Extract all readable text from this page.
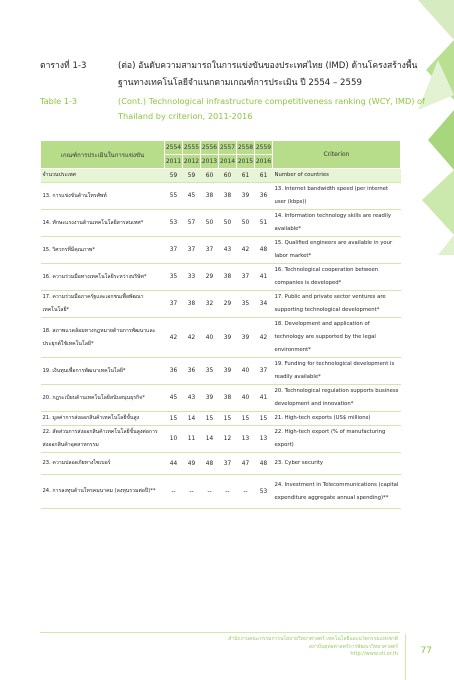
ตารางที่ 1-3	(ต่อ) อันดับความสามารถในการแข่งขันของประเทศไทย (IMD) ด้านโครงสร้างพื้นฐานทางเทคโนโลยีจำแนกตามเกณฑ์การประเมิน ปี 2554 – 2559
Table 1-3	(Cont.) Technological infrastructure competitiveness ranking (WCY, IMD) of Thailand by criterion, 2011-2016
เกณฑ์การประเมินในการแข่งขัน	2554	2555	2556	2557	2558	2559	Criterion
	2011	2012	2013	2014	2015	2016	
จำนวนประเทศ	59	59	60	60	61	61	Number of countries
13. การแข่งขันด้านโทรศัพท์	55	45	38	38	39	36	13. Internet bandwidth speed (per internet user (kbps))
14. ทักษะแรงงานด้านเทคโนโลยีสารสนเทศ*	53	57	50	50	50	51	14. Information technology skills are readily available*
15. วิศวกรที่มีคุณภาพ*	37	37	37	43	42	48	15. Qualified engineers are available in your labor market*
16. ความร่วมมือทางเทคโนโลยีระหว่างบริษัท*	35	33	29	38	37	41	16. Technological cooperation between companies is developed*
17. ความร่วมมือภาครัฐและเอกชนเพื่อพัฒนาเทคโนโลยี*	37	38	32	29	35	34	17. Public and private sector ventures are supporting technological development*
18. สภาพแวดล้อมทางกฎหมายด้านการพัฒนาและประยุกต์ใช้เทคโนโลยี*	42	42	40	39	39	42	18. Development and application of technology are supported by the legal environment*
19. เงินทุนเพื่อการพัฒนาเทคโนโลยี*	36	36	35	39	40	37	19. Funding for technological development is readily available*
20. กฎระเบียบด้านเทคโนโลยีสนับสนุนธุรกิจ*	45	43	39	38	40	41	20. Technological regulation supports business development and innovation*
21. มูลค่าการส่งออกสินค้าเทคโนโลยีขั้นสูง	15	14	15	15	15	15	21. High-tech exports (US$ millions)
22. สัดส่วนการส่งออกสินค้าเทคโนโลยีขั้นสูงต่อการส่งออกสินค้าอุตสาหกรรม	10	11	14	12	13	13	22. High-tech export (% of manufacturing export)
23. ความปลอดภัยทางไซเบอร์	44	49	48	37	47	48	23. Cyber security
24. การลงทุนด้านโทรคมนาคม (ลงทุนรวมต่อปี)**	--	--	--	--	--	53	24. Investment in Telecommunications (capital expenditure aggregate annual spending)**
สำนักงานคณะกรรมการนโยบายวิทยาศาสตร์ เทคโนโลยีและนวัตกรรมแห่งชาติ
สถาบันยุทธศาสตร์การพัฒนาวิทยาศาสตร์
http://www.sti.or.th	77
